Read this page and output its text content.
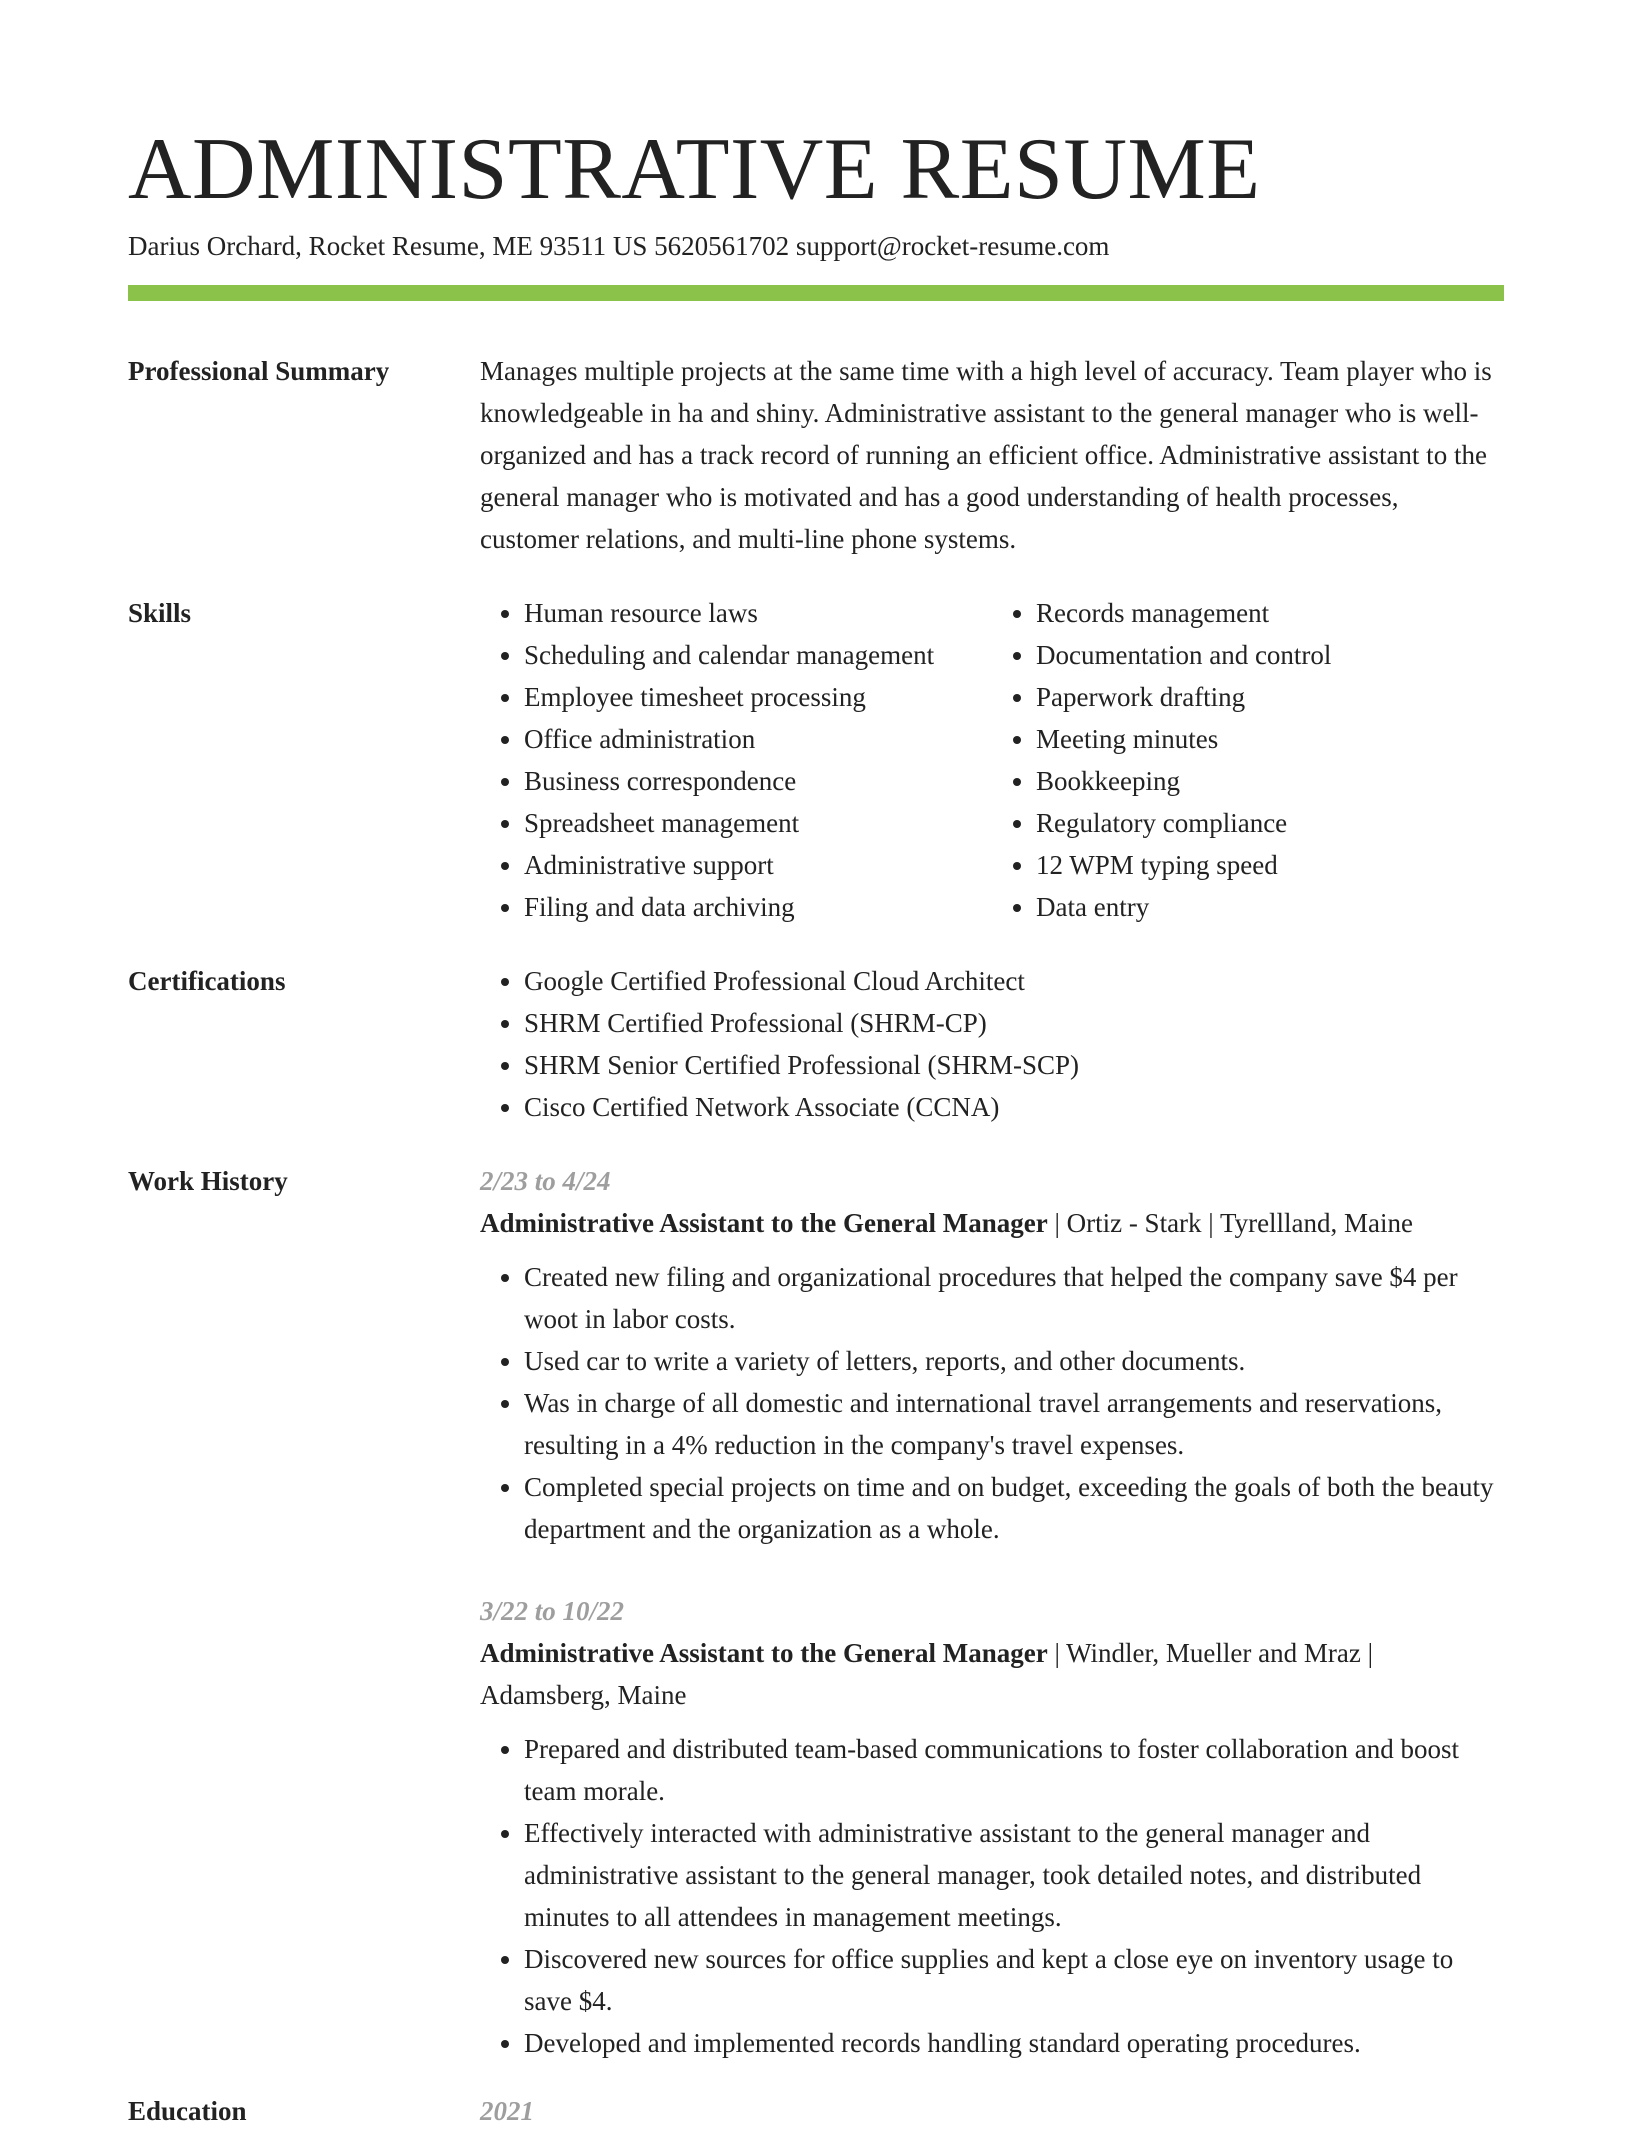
ADMINISTRATIVE RESUME
Darius Orchard, Rocket Resume, ME 93511 US 5620561702 support@rocket-resume.com
Professional Summary	Manages multiple projects at the same time with a high level of accuracy. Team player who is knowledgeable in ha and shiny. Administrative assistant to the general manager who is well-organized and has a track record of running an efficient office. Administrative assistant to the general manager who is motivated and has a good understanding of health processes, customer relations, and multi-line phone systems.

Skills	• Human resource laws
• Scheduling and calendar management
• Employee timesheet processing
• Office administration
• Business correspondence
• Spreadsheet management
• Administrative support
• Filing and data archiving
• Records management
• Documentation and control
• Paperwork drafting
• Meeting minutes
• Bookkeeping
• Regulatory compliance
• 12 WPM typing speed
• Data entry
Certifications	• Google Certified Professional Cloud Architect
• SHRM Certified Professional (SHRM-CP)
• SHRM Senior Certified Professional (SHRM-SCP)
• Cisco Certified Network Associate (CCNA)
Work History	2/23 to 4/24

Administrative Assistant to the General Manager | Ortiz - Stark | Tyrellland, Maine

• Created new filing and organizational procedures that helped the company save $4 per woot in labor costs.
• Used car to write a variety of letters, reports, and other documents.
• Was in charge of all domestic and international travel arrangements and reservations, resulting in a 4% reduction in the company's travel expenses.
• Completed special projects on time and on budget, exceeding the goals of both the beauty department and the organization as a whole.

3/22 to 10/22

Administrative Assistant to the General Manager | Windler, Mueller and Mraz | Adamsberg, Maine

• Prepared and distributed team-based communications to foster collaboration and boost team morale.
• Effectively interacted with administrative assistant to the general manager and administrative assistant to the general manager, took detailed notes, and distributed minutes to all attendees in management meetings.
• Discovered new sources for office supplies and kept a close eye on inventory usage to save $4.
• Developed and implemented records handling standard operating procedures.
Education	2021
